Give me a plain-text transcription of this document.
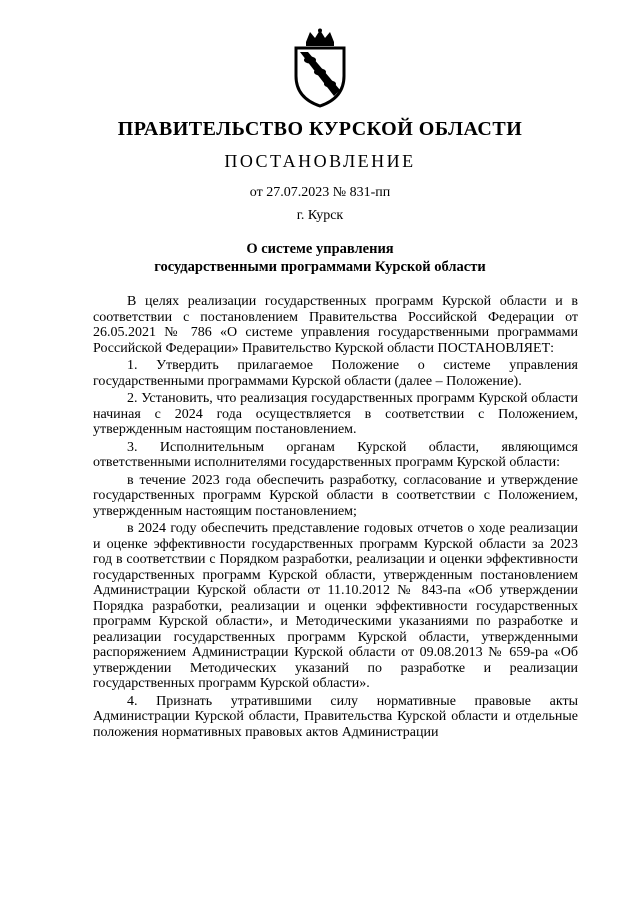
ПРАВИТЕЛЬСТВО КУРСКОЙ ОБЛАСТИ
ПОСТАНОВЛЕНИЕ
от 27.07.2023 № 831-пп
г. Курск
О системе управления
государственными программами Курской области

В целях реализации государственных программ Курской области и в соответствии с постановлением Правительства Российской Федерации от 26.05.2021 № 786 «О системе управления государственными программами Российской Федерации» Правительство Курской области ПОСТАНОВЛЯЕТ:

1. Утвердить прилагаемое Положение о системе управления государственными программами Курской области (далее – Положение).

2. Установить, что реализация государственных программ Курской области начиная с 2024 года осуществляется в соответствии с Положением, утвержденным настоящим постановлением.

3. Исполнительным органам Курской области, являющимся ответственными исполнителями государственных программ Курской области:

в течение 2023 года обеспечить разработку, согласование и утверждение государственных программ Курской области в соответствии с Положением, утвержденным настоящим постановлением;

в 2024 году обеспечить представление годовых отчетов о ходе реализации и оценке эффективности государственных программ Курской области за 2023 год в соответствии с Порядком разработки, реализации и оценки эффективности государственных программ Курской области, утвержденным постановлением Администрации Курской области от 11.10.2012 № 843-па «Об утверждении Порядка разработки, реализации и оценки эффективности государственных программ Курской области», и Методическими указаниями по разработке и реализации государственных программ Курской области, утвержденными распоряжением Администрации Курской области от 09.08.2013 № 659-ра «Об утверждении Методических указаний по разработке и реализации государственных программ Курской области».

4. Признать утратившими силу нормативные правовые акты Администрации Курской области, Правительства Курской области и отдельные положения нормативных правовых актов Администрации
